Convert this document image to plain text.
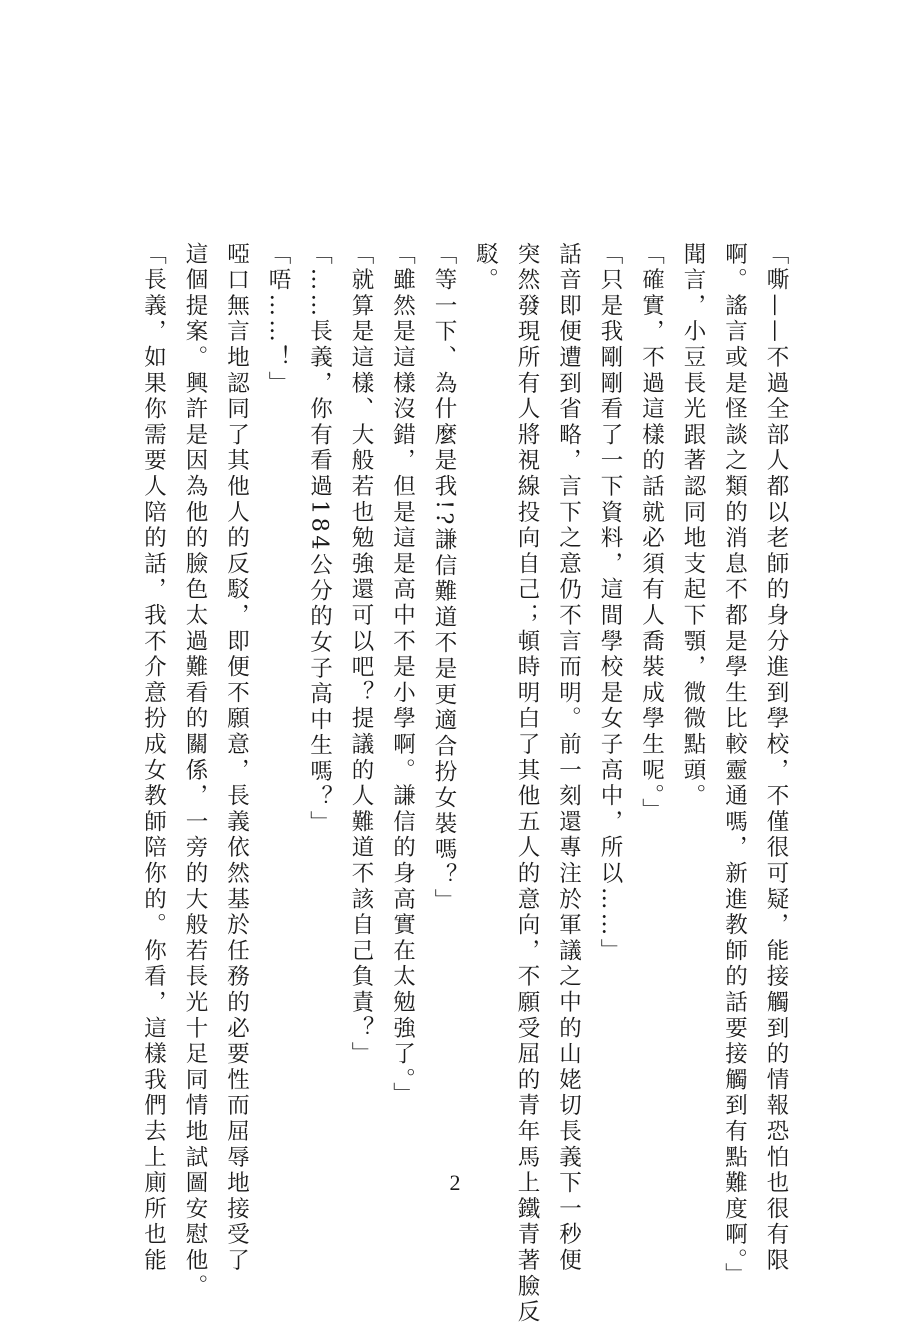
「嘶——不過全部人都以老師的身分進到學校，不僅很可疑，能接觸到的情報恐怕也很有限
啊。謠言或是怪談之類的消息不都是學生比較靈通嗎，新進教師的話要接觸到有點難度啊。」
聞言，小豆長光跟著認同地支起下顎，微微點頭。
「確實，不過這樣的話就必須有人喬裝成學生呢。」
「只是我剛剛看了一下資料，這間學校是女子高中，所以……」
話音即便遭到省略，言下之意仍不言而明。前一刻還專注於軍議之中的山姥切長義下一秒便
突然發現所有人將視線投向自己；頓時明白了其他五人的意向，不願受屈的青年馬上鐵青著臉反
駁。
「等一下、為什麼是我!?謙信難道不是更適合扮女裝嗎？」
「雖然是這樣沒錯，但是這是高中不是小學啊。謙信的身高實在太勉強了。」
「就算是這樣、大般若也勉強還可以吧？提議的人難道不該自己負責？」
「……長義，你有看過184公分的女子高中生嗎？」
「唔……！」
啞口無言地認同了其他人的反駁，即便不願意，長義依然基於任務的必要性而屈辱地接受了
這個提案。興許是因為他的臉色太過難看的關係，一旁的大般若長光十足同情地試圖安慰他。
「長義，如果你需要人陪的話，我不介意扮成女教師陪你的。你看，這樣我們去上廁所也能	2
